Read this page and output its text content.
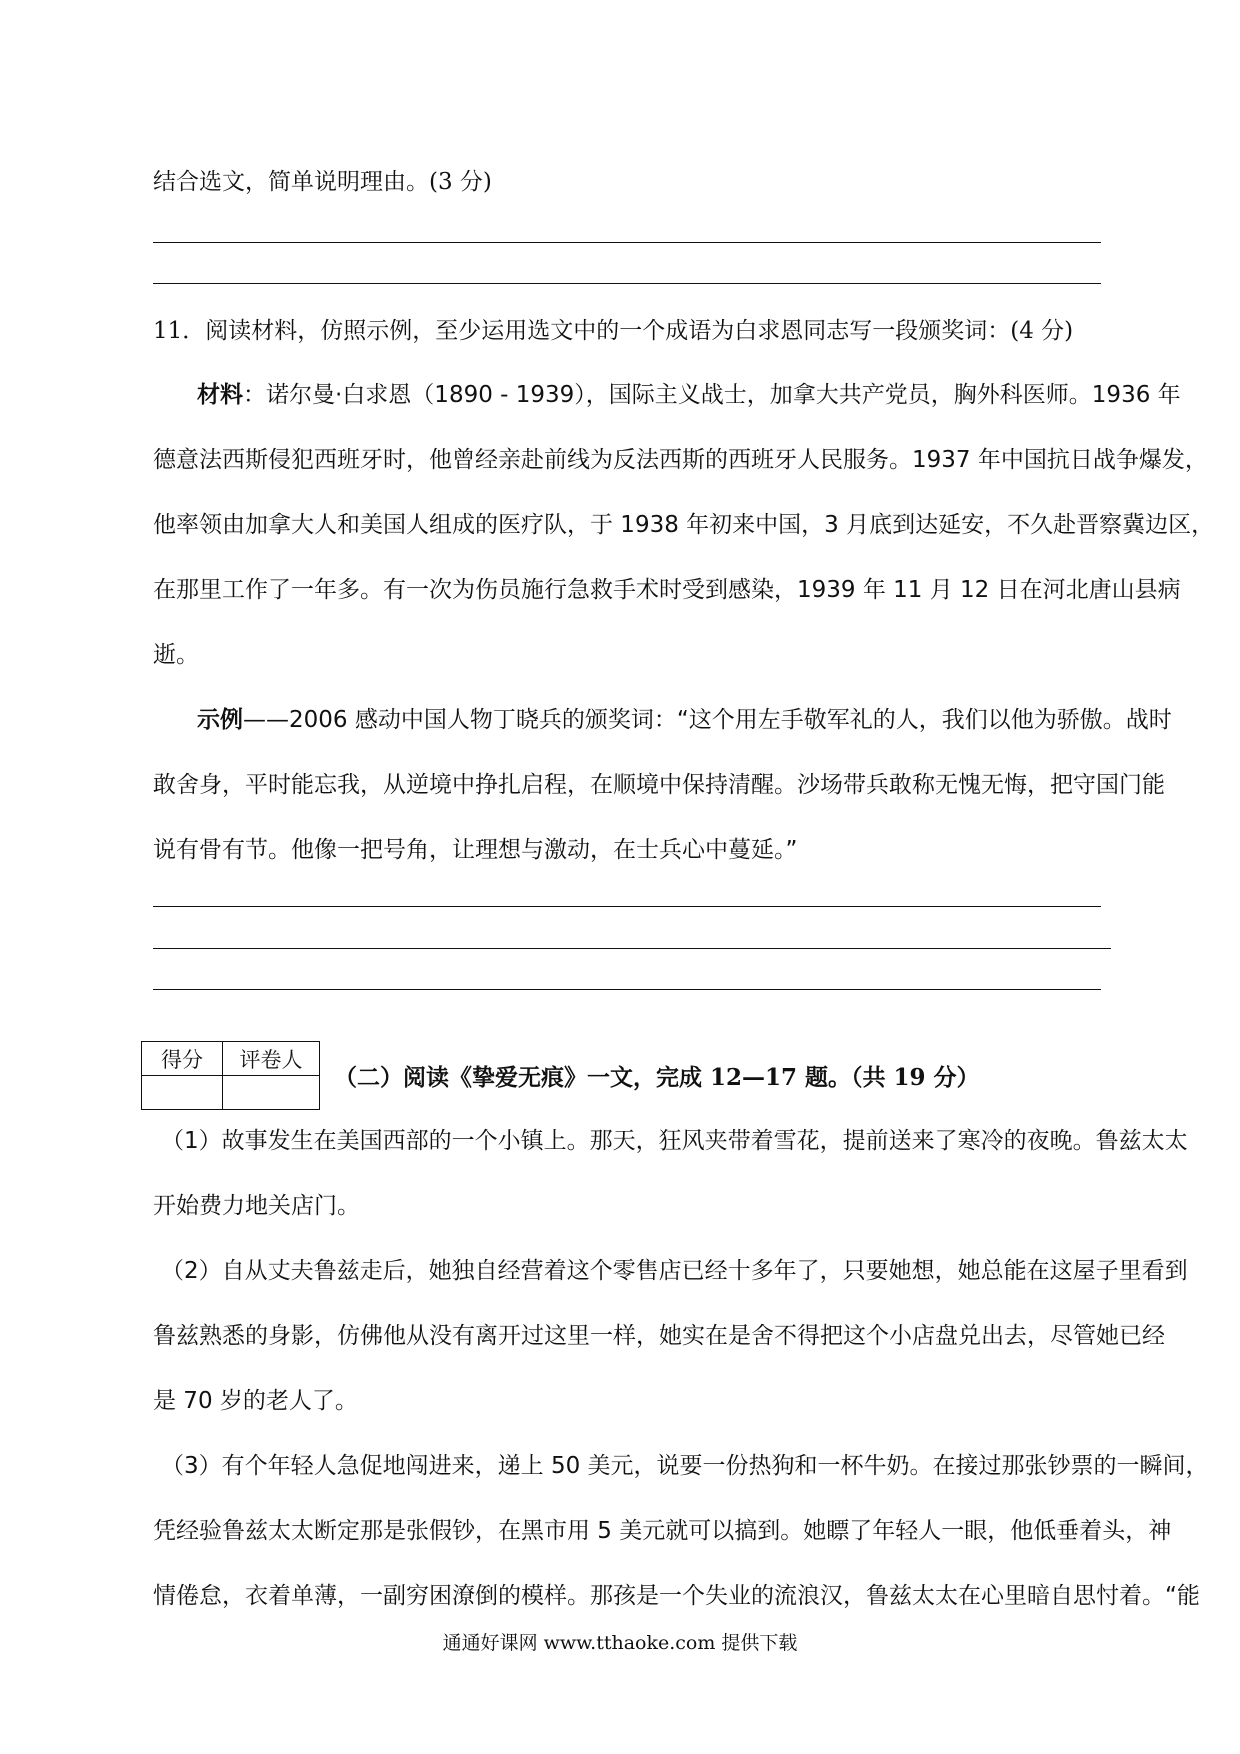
结合选文，简单说明理由。(3 分)
11．阅读材料，仿照示例，至少运用选文中的一个成语为白求恩同志写一段颁奖词：(4 分)
材料：诺尔曼·白求恩（1890 - 1939），国际主义战士，加拿大共产党员，胸外科医师。1936 年
德意法西斯侵犯西班牙时，他曾经亲赴前线为反法西斯的西班牙人民服务。1937 年中国抗日战争爆发，
他率领由加拿大人和美国人组成的医疗队，于 1938 年初来中国，3 月底到达延安，不久赴晋察冀边区，
在那里工作了一年多。有一次为伤员施行急救手术时受到感染，1939 年 11 月 12 日在河北唐山县病
逝。
示例——2006 感动中国人物丁晓兵的颁奖词：“这个用左手敬军礼的人，我们以他为骄傲。战时
敢舍身，平时能忘我，从逆境中挣扎启程，在顺境中保持清醒。沙场带兵敢称无愧无悔，把守国门能
说有骨有节。他像一把号角，让理想与激动，在士兵心中蔓延。”
得分	评卷人

（二）阅读《挚爱无痕》一文，完成 12—17 题。（共 19 分）
（1）故事发生在美国西部的一个小镇上。那天，狂风夹带着雪花，提前送来了寒冷的夜晚。鲁兹太太
开始费力地关店门。
（2）自从丈夫鲁兹走后，她独自经营着这个零售店已经十多年了，只要她想，她总能在这屋子里看到
鲁兹熟悉的身影，仿佛他从没有离开过这里一样，她实在是舍不得把这个小店盘兑出去，尽管她已经
是 70 岁的老人了。
（3）有个年轻人急促地闯进来，递上 50 美元，说要一份热狗和一杯牛奶。在接过那张钞票的一瞬间，
凭经验鲁兹太太断定那是张假钞，在黑市用 5 美元就可以搞到。她瞟了年轻人一眼，他低垂着头，神
情倦怠，衣着单薄，一副穷困潦倒的模样。那孩是一个失业的流浪汉，鲁兹太太在心里暗自思忖着。“能
通通好课网 www.tthaoke.com 提供下载
